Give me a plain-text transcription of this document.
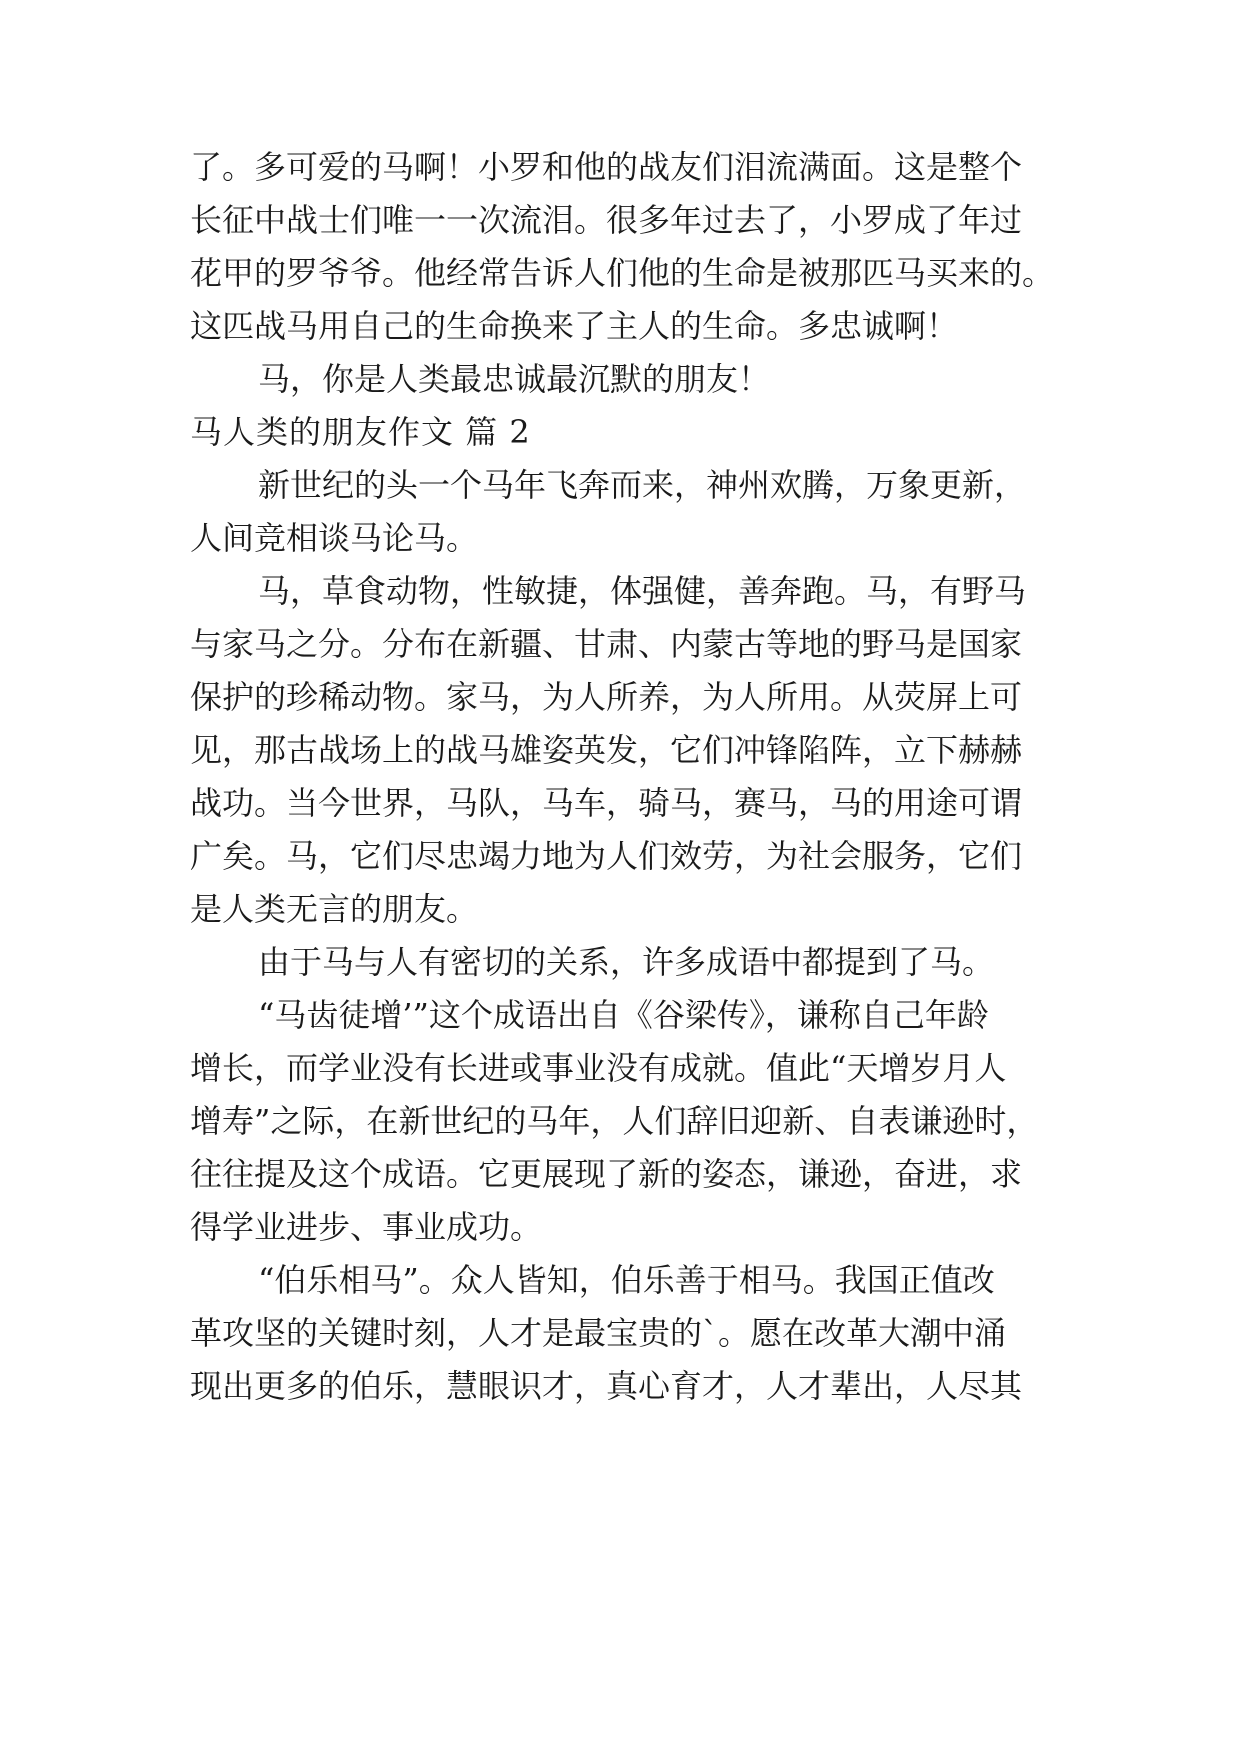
了。多可爱的马啊！小罗和他的战友们泪流满面。这是整个
长征中战士们唯一一次流泪。很多年过去了，小罗成了年过
花甲的罗爷爷。他经常告诉人们他的生命是被那匹马买来的。
这匹战马用自己的生命换来了主人的生命。多忠诚啊！
马，你是人类最忠诚最沉默的朋友！
马人类的朋友作文 篇 2
新世纪的头一个马年飞奔而来，神州欢腾，万象更新，
人间竞相谈马论马。
马，草食动物，性敏捷，体强健，善奔跑。马，有野马
与家马之分。分布在新疆、甘肃、内蒙古等地的野马是国家
保护的珍稀动物。家马，为人所养，为人所用。从荧屏上可
见，那古战场上的战马雄姿英发，它们冲锋陷阵，立下赫赫
战功。当今世界，马队，马车，骑马，赛马，马的用途可谓
广矣。马，它们尽忠竭力地为人们效劳，为社会服务，它们
是人类无言的朋友。
由于马与人有密切的关系，许多成语中都提到了马。
“马齿徒增’”这个成语出自《谷梁传》，谦称自己年龄
增长，而学业没有长进或事业没有成就。值此“天增岁月人
增寿”之际，在新世纪的马年，人们辞旧迎新、自表谦逊时，
往往提及这个成语。它更展现了新的姿态，谦逊，奋进，求
得学业进步、事业成功。
“伯乐相马”。众人皆知，伯乐善于相马。我国正值改
革攻坚的关键时刻，人才是最宝贵的`。愿在改革大潮中涌
现出更多的伯乐，慧眼识才，真心育才，人才辈出，人尽其
